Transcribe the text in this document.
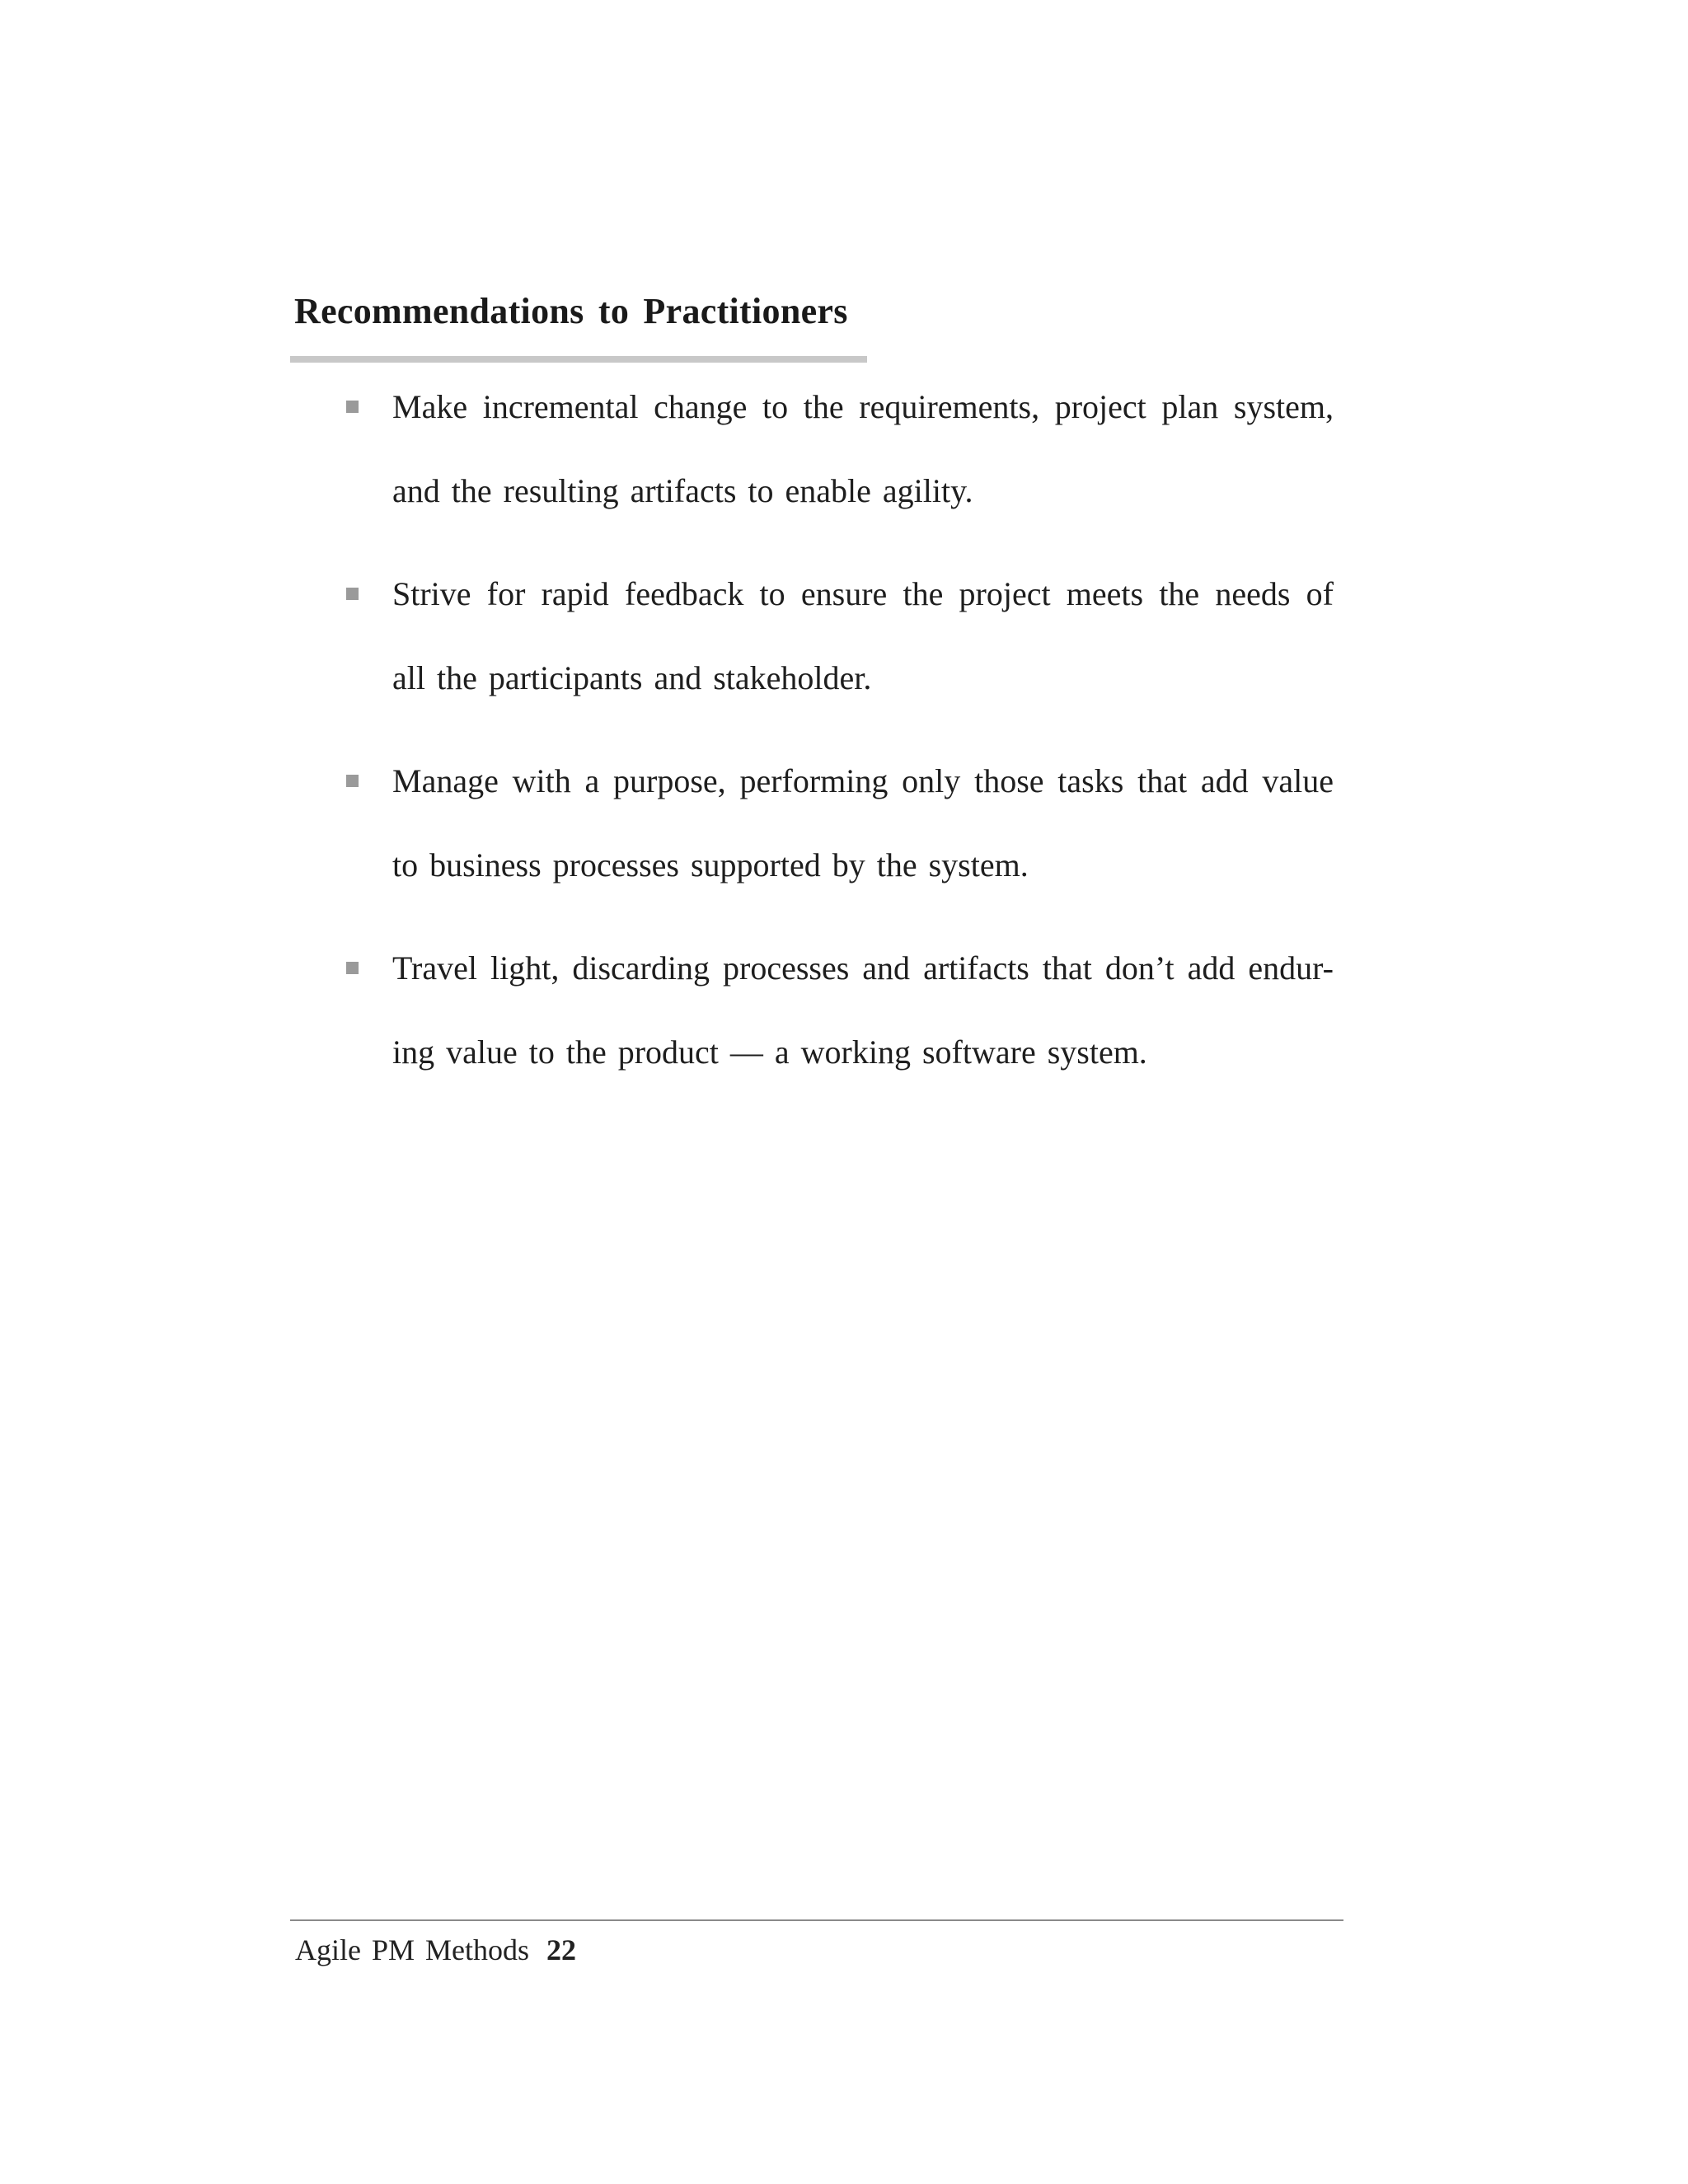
Recommendations to Practitioners
Make incremental change to the requirements, project plan system,
and the resulting artifacts to enable agility.
Strive for rapid feedback to ensure the project meets the needs of
all the participants and stakeholder.
Manage with a purpose, performing only those tasks that add value
to business processes supported by the system.
Travel light, discarding processes and artifacts that don’t add endur-
ing value to the product — a working software system.
Agile PM Methods 22
